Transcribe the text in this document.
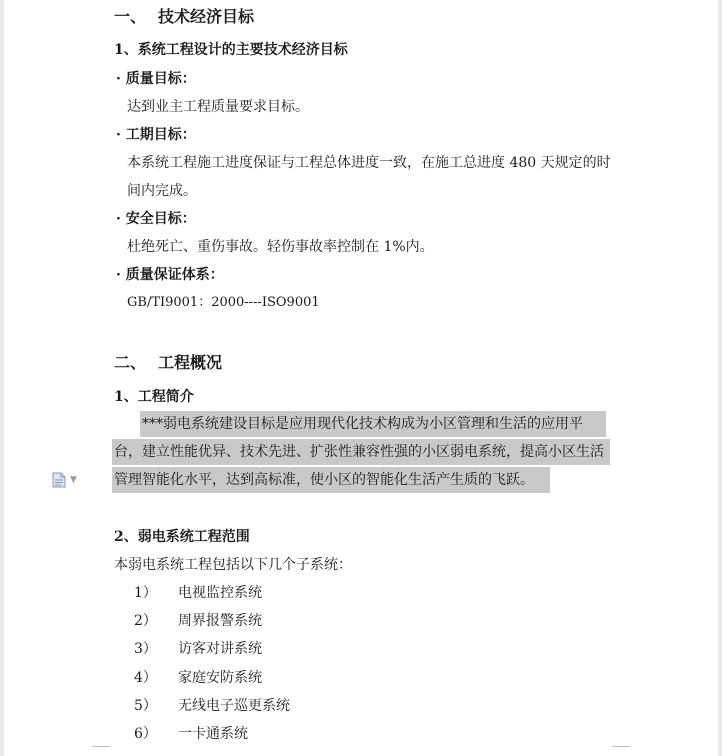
一、 技术经济目标
1、系统工程设计的主要技术经济目标
· 质量目标：
达到业主工程质量要求目标。
· 工期目标：
本系统工程施工进度保证与工程总体进度一致，在施工总进度 480 天规定的时
间内完成。
· 安全目标：
杜绝死亡、重伤事故。轻伤事故率控制在 1%内。
· 质量保证体系：
GB/TI9001：2000----ISO9001
二、 工程概况
1、工程简介
***弱电系统建设目标是应用现代化技术构成为小区管理和生活的应用平
台，建立性能优异、技术先进、扩张性兼容性强的小区弱电系统，提高小区生活
管理智能化水平，达到高标准，使小区的智能化生活产生质的飞跃。
▼
2、弱电系统工程范围
本弱电系统工程包括以下几个子系统：
1） 电视监控系统
2） 周界报警系统
3） 访客对讲系统
4） 家庭安防系统
5） 无线电子巡更系统
6） 一卡通系统
